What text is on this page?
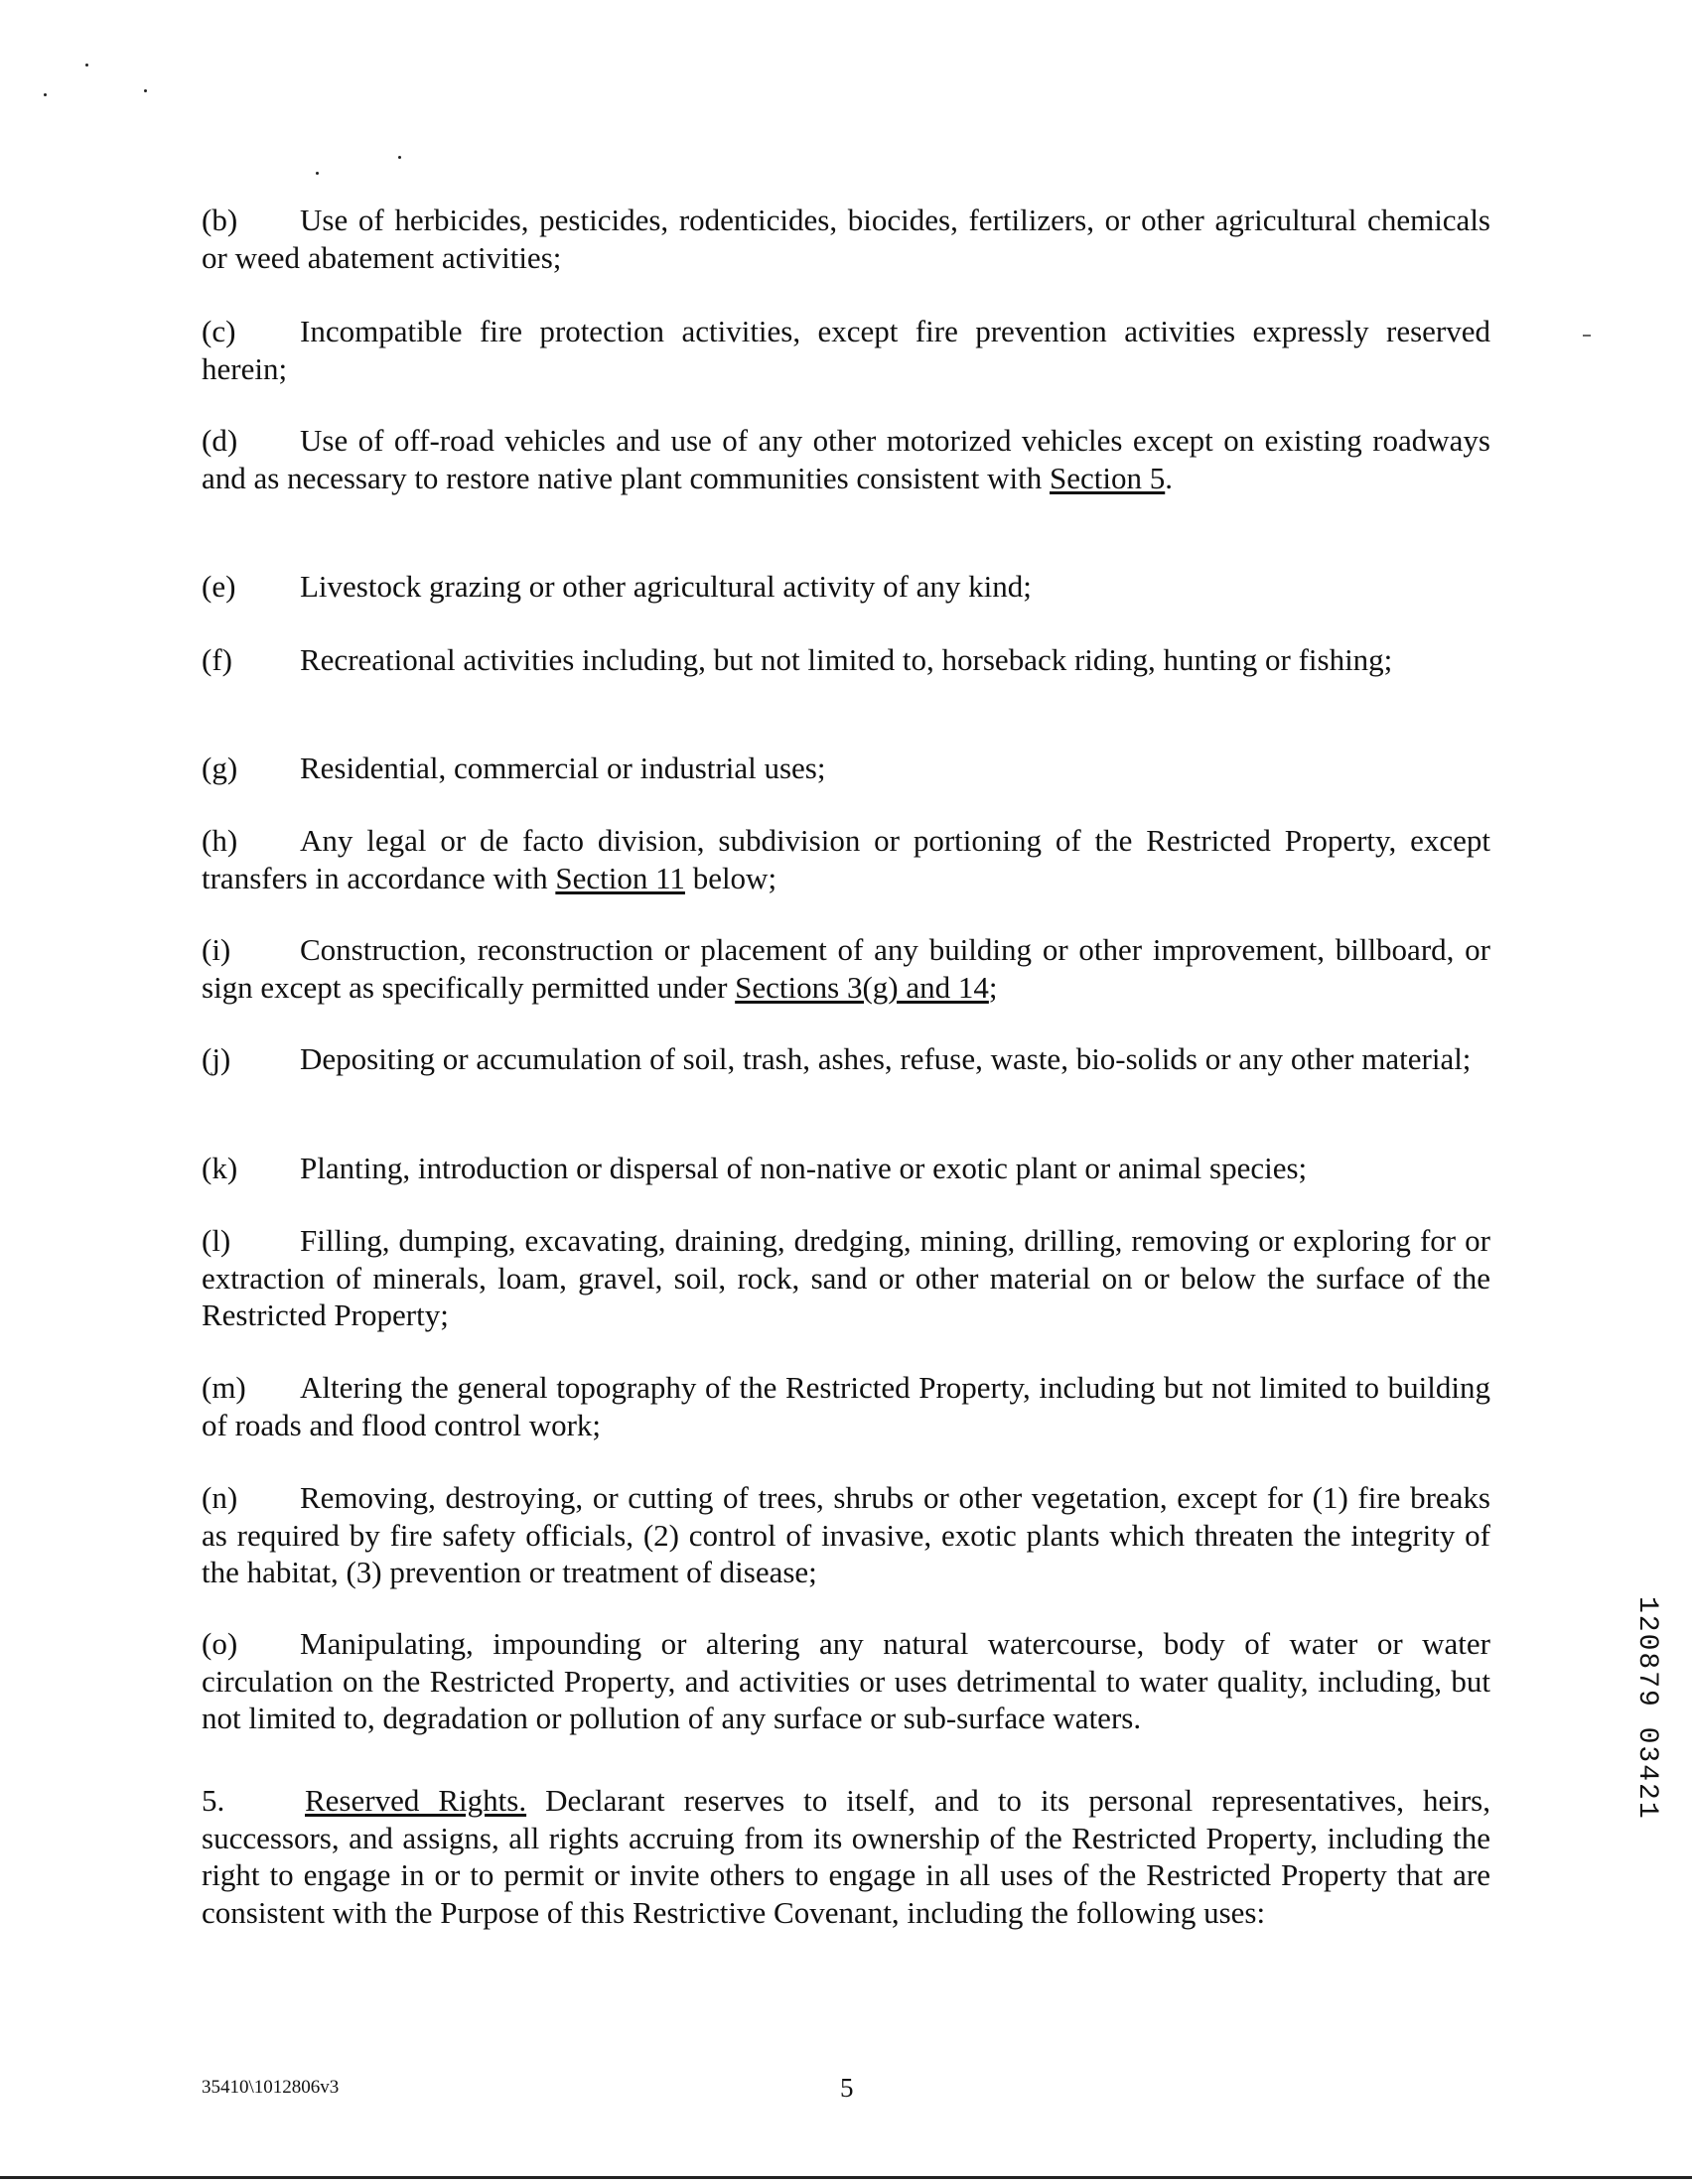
(b) Use of herbicides, pesticides, rodenticides, biocides, fertilizers, or other agricultural chemicals or weed abatement activities;

(c) Incompatible fire protection activities, except fire prevention activities expressly reserved herein;

(d) Use of off-road vehicles and use of any other motorized vehicles except on existing roadways and as necessary to restore native plant communities consistent with Section 5.

(e) Livestock grazing or other agricultural activity of any kind;

(f) Recreational activities including, but not limited to, horseback riding, hunting or fishing;

(g) Residential, commercial or industrial uses;

(h) Any legal or de facto division, subdivision or portioning of the Restricted Property, except transfers in accordance with Section 11 below;

(i) Construction, reconstruction or placement of any building or other improvement, billboard, or sign except as specifically permitted under Sections 3(g) and 14;

(j) Depositing or accumulation of soil, trash, ashes, refuse, waste, bio-solids or any other material;

(k) Planting, introduction or dispersal of non-native or exotic plant or animal species;

(l) Filling, dumping, excavating, draining, dredging, mining, drilling, removing or exploring for or extraction of minerals, loam, gravel, soil, rock, sand or other material on or below the surface of the Restricted Property;

(m) Altering the general topography of the Restricted Property, including but not limited to building of roads and flood control work;

(n) Removing, destroying, or cutting of trees, shrubs or other vegetation, except for (1) fire breaks as required by fire safety officials, (2) control of invasive, exotic plants which threaten the integrity of the habitat, (3) prevention or treatment of disease;

(o) Manipulating, impounding or altering any natural watercourse, body of water or water circulation on the Restricted Property, and activities or uses detrimental to water quality, including, but not limited to, degradation or pollution of any surface or sub-surface waters.

5.	Reserved Rights. Declarant reserves to itself, and to its personal representatives, heirs, successors, and assigns, all rights accruing from its ownership of the Restricted Property, including the right to engage in or to permit or invite others to engage in all uses of the Restricted Property that are consistent with the Purpose of this Restrictive Covenant, including the following uses:
120879 03421
35410\1012806v3	5
